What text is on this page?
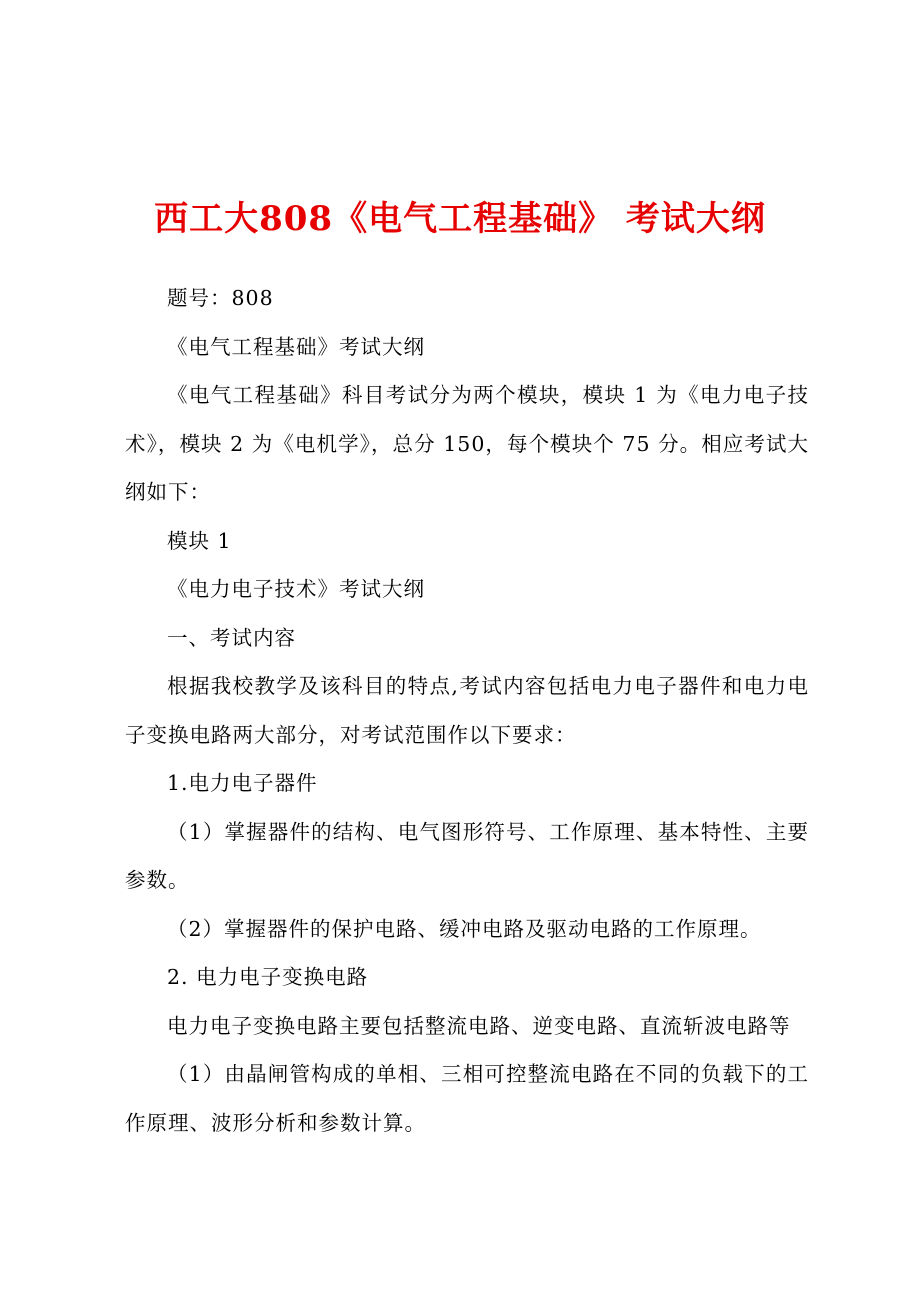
西工大808《电气工程基础》 考试大纲

题号：808

《电气工程基础》考试大纲

《电气工程基础》科目考试分为两个模块，模块 1 为《电力电子技术》，模块 2 为《电机学》，总分 150，每个模块个 75 分。相应考试大纲如下：

模块 1

《电力电子技术》考试大纲

一、考试内容

根据我校教学及该科目的特点,考试内容包括电力电子器件和电力电子变换电路两大部分，对考试范围作以下要求：

1.电力电子器件

（1）掌握器件的结构、电气图形符号、工作原理、基本特性、主要参数。

（2）掌握器件的保护电路、缓冲电路及驱动电路的工作原理。

2. 电力电子变换电路

电力电子变换电路主要包括整流电路、逆变电路、直流斩波电路等

（1）由晶闸管构成的单相、三相可控整流电路在不同的负载下的工作原理、波形分析和参数计算。
